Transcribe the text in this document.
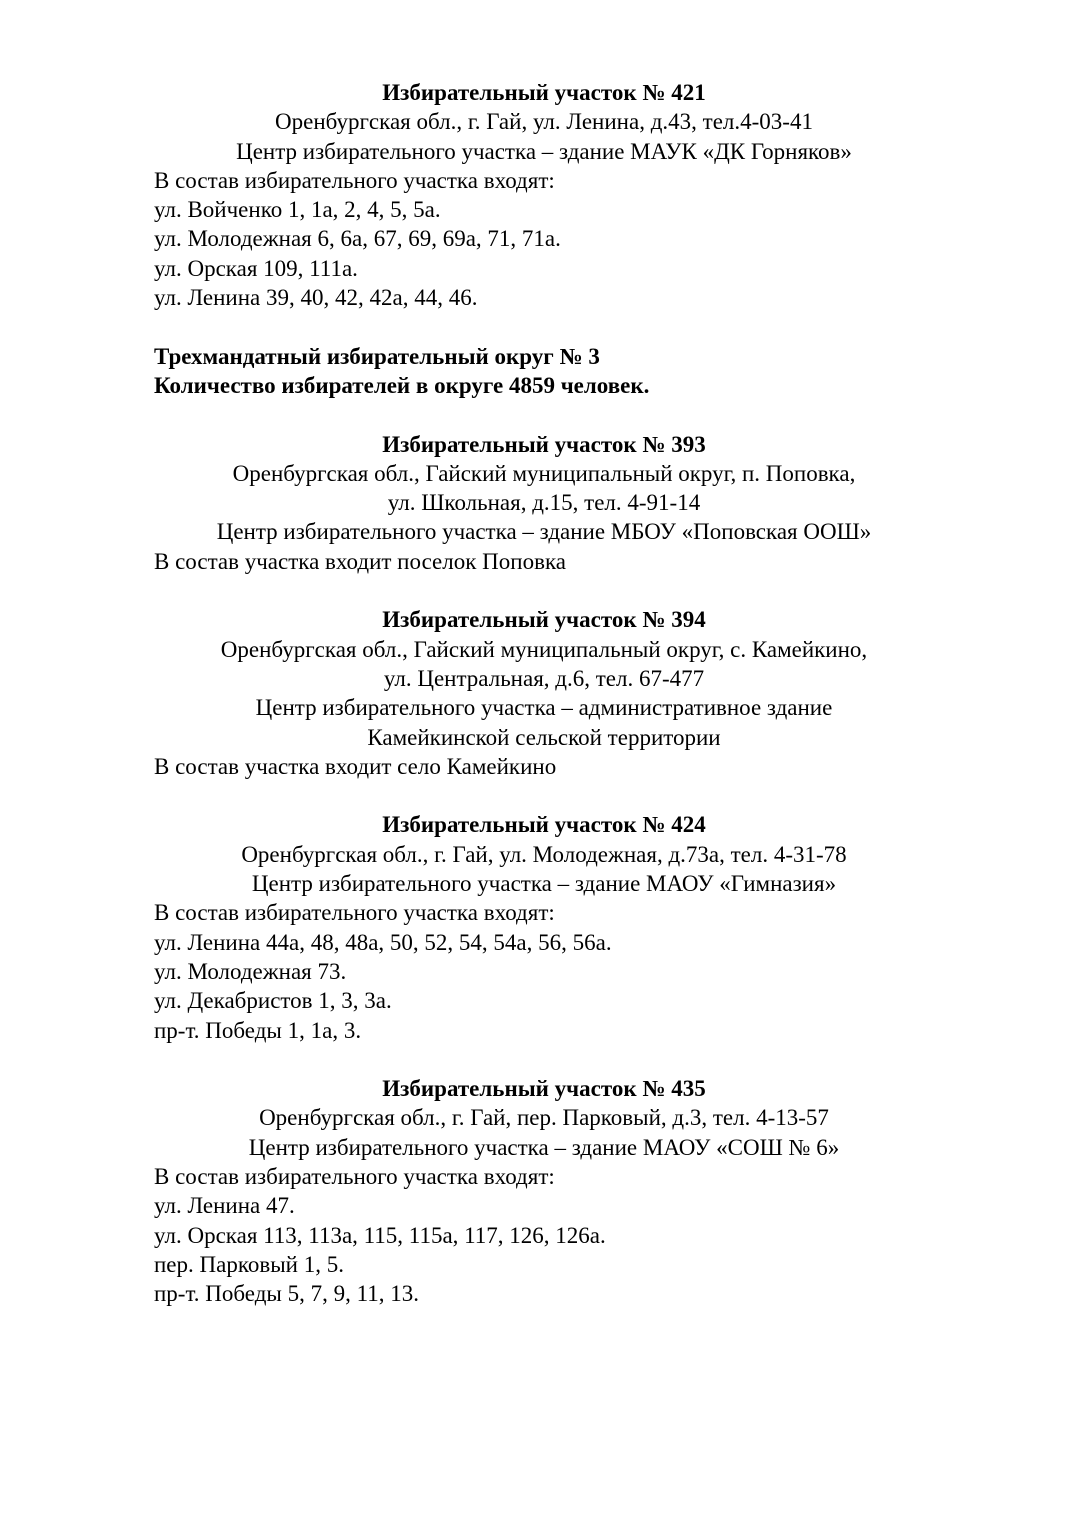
Избирательный участок № 421
Оренбургская обл., г. Гай, ул. Ленина, д.43, тел.4-03-41
Центр избирательного участка – здание МАУК «ДК Горняков»
В состав избирательного участка входят:
ул. Войченко 1, 1а, 2, 4, 5, 5а.
ул. Молодежная 6, 6а, 67, 69, 69а, 71, 71а.
ул. Орская 109, 111а.
ул. Ленина 39, 40, 42, 42а, 44, 46.
Трехмандатный избирательный округ № 3
Количество избирателей в округе 4859 человек.
Избирательный участок № 393
Оренбургская обл., Гайский муниципальный округ, п. Поповка,
ул. Школьная, д.15, тел. 4-91-14
Центр избирательного участка – здание МБОУ «Поповская ООШ»
В состав участка входит поселок Поповка
Избирательный участок № 394
Оренбургская обл., Гайский муниципальный округ, с. Камейкино,
ул. Центральная, д.6, тел. 67-477
Центр избирательного участка – административное здание
Камейкинской сельской территории
В состав участка входит село Камейкино
Избирательный участок № 424
Оренбургская обл., г. Гай, ул. Молодежная, д.73а, тел. 4-31-78
Центр избирательного участка – здание МАОУ «Гимназия»
В состав избирательного участка входят:
ул. Ленина 44а, 48, 48а, 50, 52, 54, 54а, 56, 56а.
ул. Молодежная 73.
ул. Декабристов 1, 3, 3а.
пр-т. Победы 1, 1а, 3.
Избирательный участок № 435
Оренбургская обл., г. Гай, пер. Парковый, д.3, тел. 4-13-57
Центр избирательного участка – здание МАОУ «СОШ № 6»
В состав избирательного участка входят:
ул. Ленина 47.
ул. Орская 113, 113а, 115, 115а, 117, 126, 126а.
пер. Парковый 1, 5.
пр-т. Победы 5, 7, 9, 11, 13.
